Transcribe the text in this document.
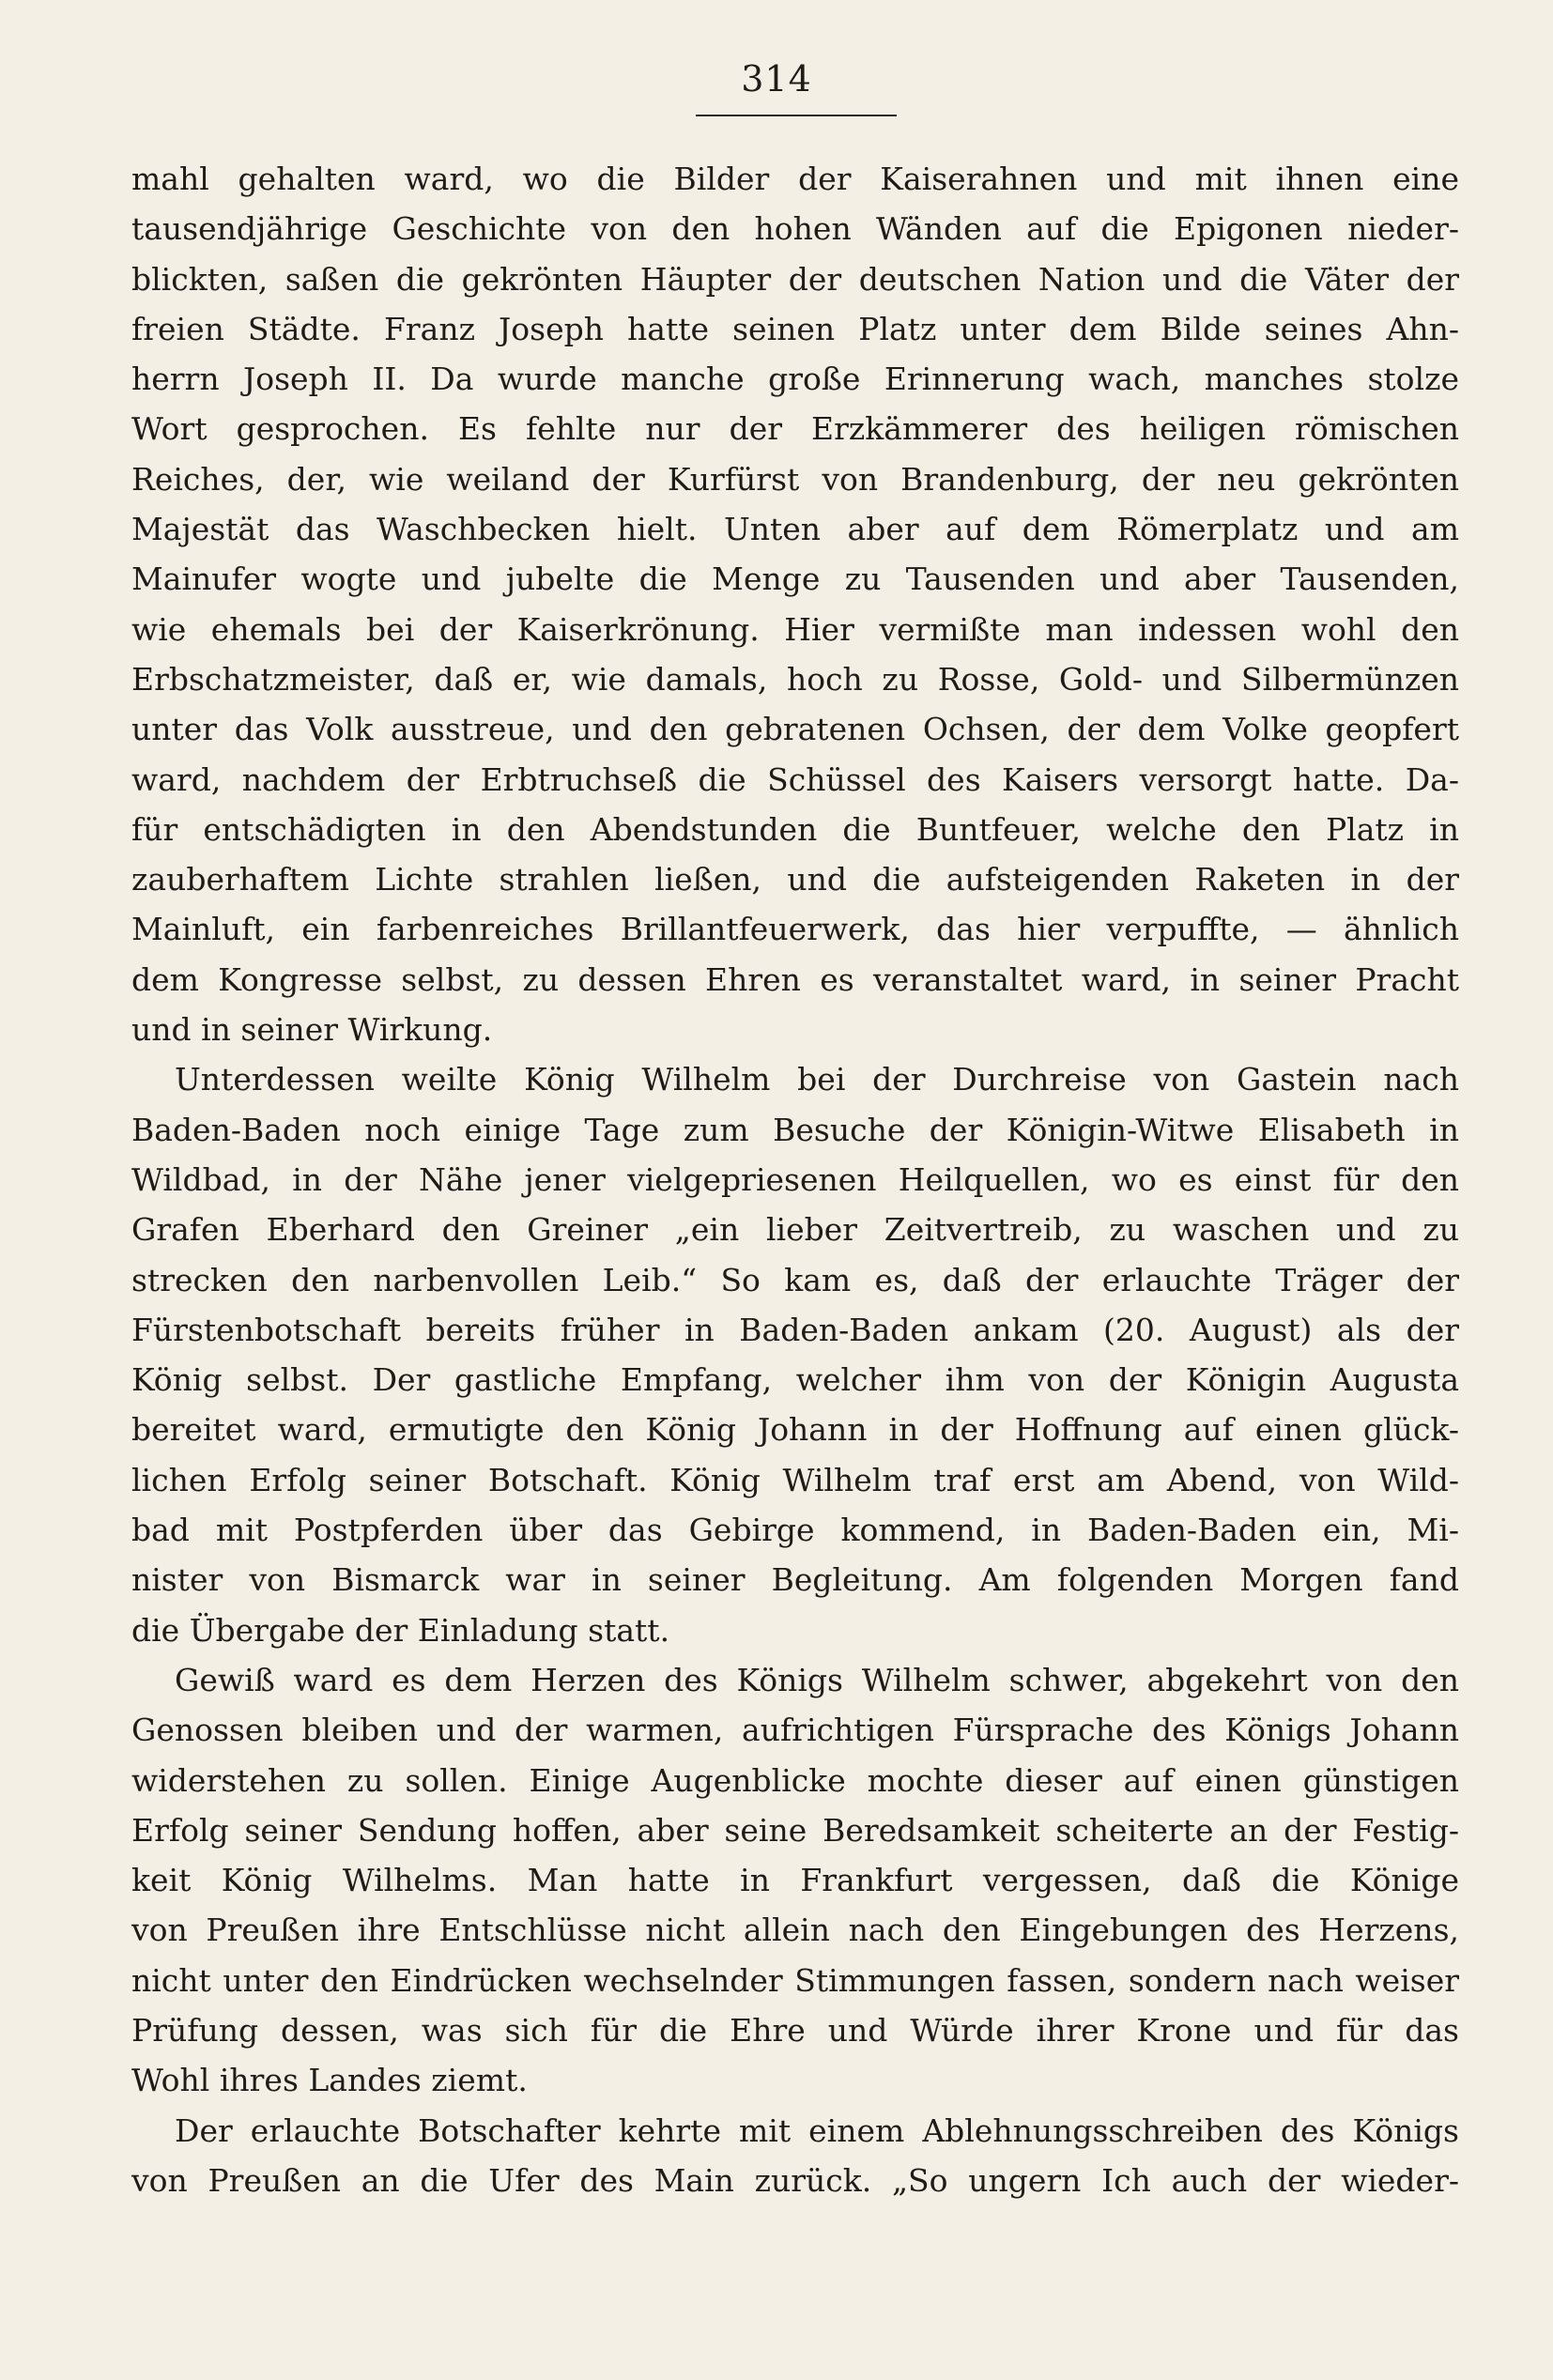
314
mahl gehalten ward, wo die Bilder der Kaiserahnen und mit ihnen eine
tausendjährige Geschichte von den hohen Wänden auf die Epigonen nieder-
blickten, saßen die gekrönten Häupter der deutschen Nation und die Väter der
freien Städte. Franz Joseph hatte seinen Platz unter dem Bilde seines Ahn-
herrn Joseph II. Da wurde manche große Erinnerung wach, manches stolze
Wort gesprochen. Es fehlte nur der Erzkämmerer des heiligen römischen
Reiches, der, wie weiland der Kurfürst von Brandenburg, der neu gekrönten
Majestät das Waschbecken hielt. Unten aber auf dem Römerplatz und am
Mainufer wogte und jubelte die Menge zu Tausenden und aber Tausenden,
wie ehemals bei der Kaiserkrönung. Hier vermißte man indessen wohl den
Erbschatzmeister, daß er, wie damals, hoch zu Rosse, Gold- und Silbermünzen
unter das Volk ausstreue, und den gebratenen Ochsen, der dem Volke geopfert
ward, nachdem der Erbtruchseß die Schüssel des Kaisers versorgt hatte. Da-
für entschädigten in den Abendstunden die Buntfeuer, welche den Platz in
zauberhaftem Lichte strahlen ließen, und die aufsteigenden Raketen in der
Mainluft, ein farbenreiches Brillantfeuerwerk, das hier verpuffte, — ähnlich
dem Kongresse selbst, zu dessen Ehren es veranstaltet ward, in seiner Pracht
und in seiner Wirkung.
Unterdessen weilte König Wilhelm bei der Durchreise von Gastein nach
Baden-Baden noch einige Tage zum Besuche der Königin-Witwe Elisabeth in
Wildbad, in der Nähe jener vielgepriesenen Heilquellen, wo es einst für den
Grafen Eberhard den Greiner „ein lieber Zeitvertreib, zu waschen und zu
strecken den narbenvollen Leib.“ So kam es, daß der erlauchte Träger der
Fürstenbotschaft bereits früher in Baden-Baden ankam (20. August) als der
König selbst. Der gastliche Empfang, welcher ihm von der Königin Augusta
bereitet ward, ermutigte den König Johann in der Hoffnung auf einen glück-
lichen Erfolg seiner Botschaft. König Wilhelm traf erst am Abend, von Wild-
bad mit Postpferden über das Gebirge kommend, in Baden-Baden ein, Mi-
nister von Bismarck war in seiner Begleitung. Am folgenden Morgen fand
die Übergabe der Einladung statt.
Gewiß ward es dem Herzen des Königs Wilhelm schwer, abgekehrt von den
Genossen bleiben und der warmen, aufrichtigen Fürsprache des Königs Johann
widerstehen zu sollen. Einige Augenblicke mochte dieser auf einen günstigen
Erfolg seiner Sendung hoffen, aber seine Beredsamkeit scheiterte an der Festig-
keit König Wilhelms. Man hatte in Frankfurt vergessen, daß die Könige
von Preußen ihre Entschlüsse nicht allein nach den Eingebungen des Herzens,
nicht unter den Eindrücken wechselnder Stimmungen fassen, sondern nach weiser
Prüfung dessen, was sich für die Ehre und Würde ihrer Krone und für das
Wohl ihres Landes ziemt.
Der erlauchte Botschafter kehrte mit einem Ablehnungsschreiben des Königs
von Preußen an die Ufer des Main zurück. „So ungern Ich auch der wieder-
